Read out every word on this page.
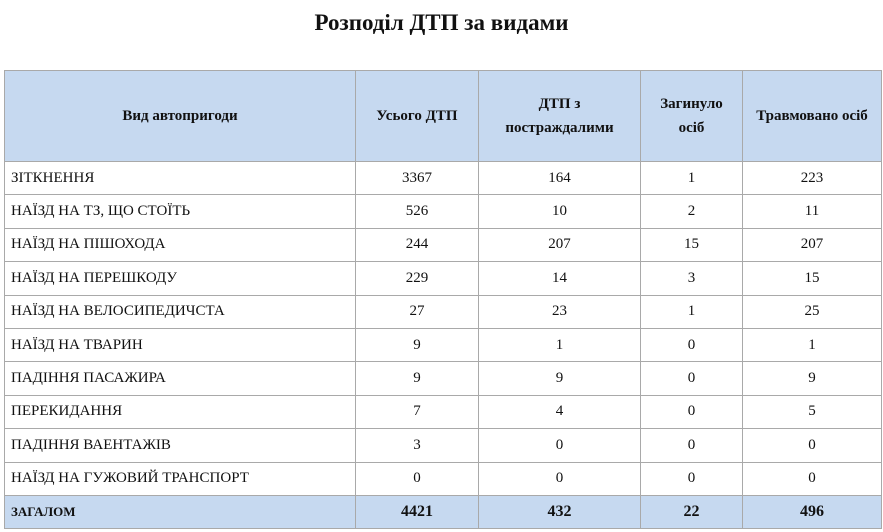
Розподіл ДТП за видами
Вид автопригоди	Усього ДТП	ДТП з постраждалими	Загинуло осіб	Травмовано осіб
ЗІТКНЕННЯ	3367	164	1	223
НАЇЗД НА ТЗ, ЩО СТОЇТЬ	526	10	2	11
НАЇЗД НА ПІШОХОДА	244	207	15	207
НАЇЗД НА ПЕРЕШКОДУ	229	14	3	15
НАЇЗД НА ВЕЛОСИПЕДИЧСТА	27	23	1	25
НАЇЗД НА ТВАРИН	9	1	0	1
ПАДІННЯ ПАСАЖИРА	9	9	0	9
ПЕРЕКИДАННЯ	7	4	0	5
ПАДІННЯ ВАЕНТАЖІВ	3	0	0	0
НАЇЗД НА ГУЖОВИЙ ТРАНСПОРТ	0	0	0	0
ЗАГАЛОМ	4421	432	22	496
